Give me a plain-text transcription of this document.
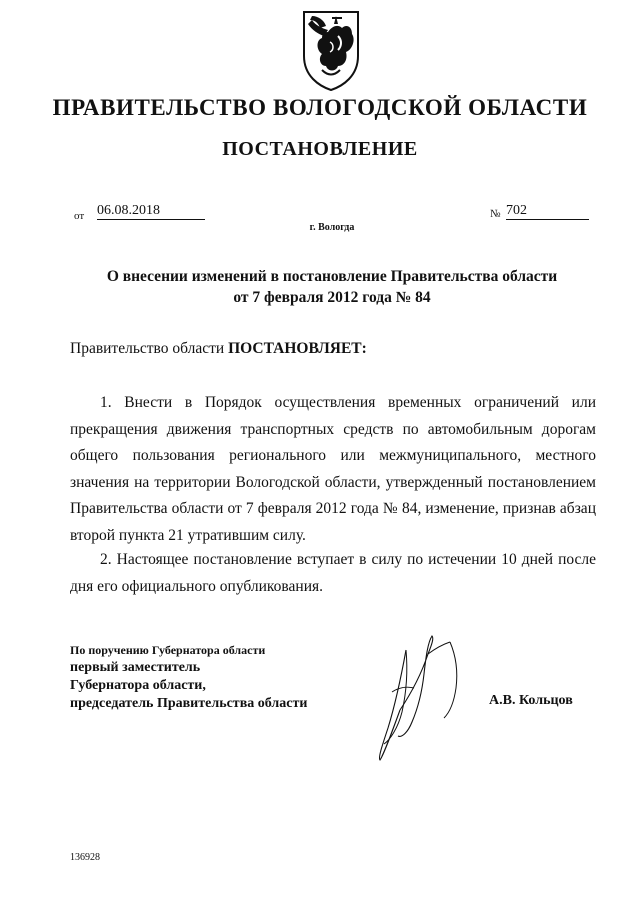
ПРАВИТЕЛЬСТВО ВОЛОГОДСКОЙ ОБЛАСТИ
ПОСТАНОВЛЕНИЕ
от 06.08.2018	№ 702
г. Вологда
О внесении изменений в постановление Правительства области
от 7 февраля 2012 года № 84
Правительство области ПОСТАНОВЛЯЕТ:
1. Внести в Порядок осуществления временных ограничений или прекращения движения транспортных средств по автомобильным дорогам общего пользования регионального или межмуниципального, местного значения на территории Вологодской области, утвержденный постановлением Правительства области от 7 февраля 2012 года № 84, изменение, признав абзац второй пункта 21 утратившим силу.
2. Настоящее постановление вступает в силу по истечении 10 дней после дня его официального опубликования.
По поручению Губернатора области
первый заместитель
Губернатора области,
председатель Правительства области	А.В. Кольцов
136928
